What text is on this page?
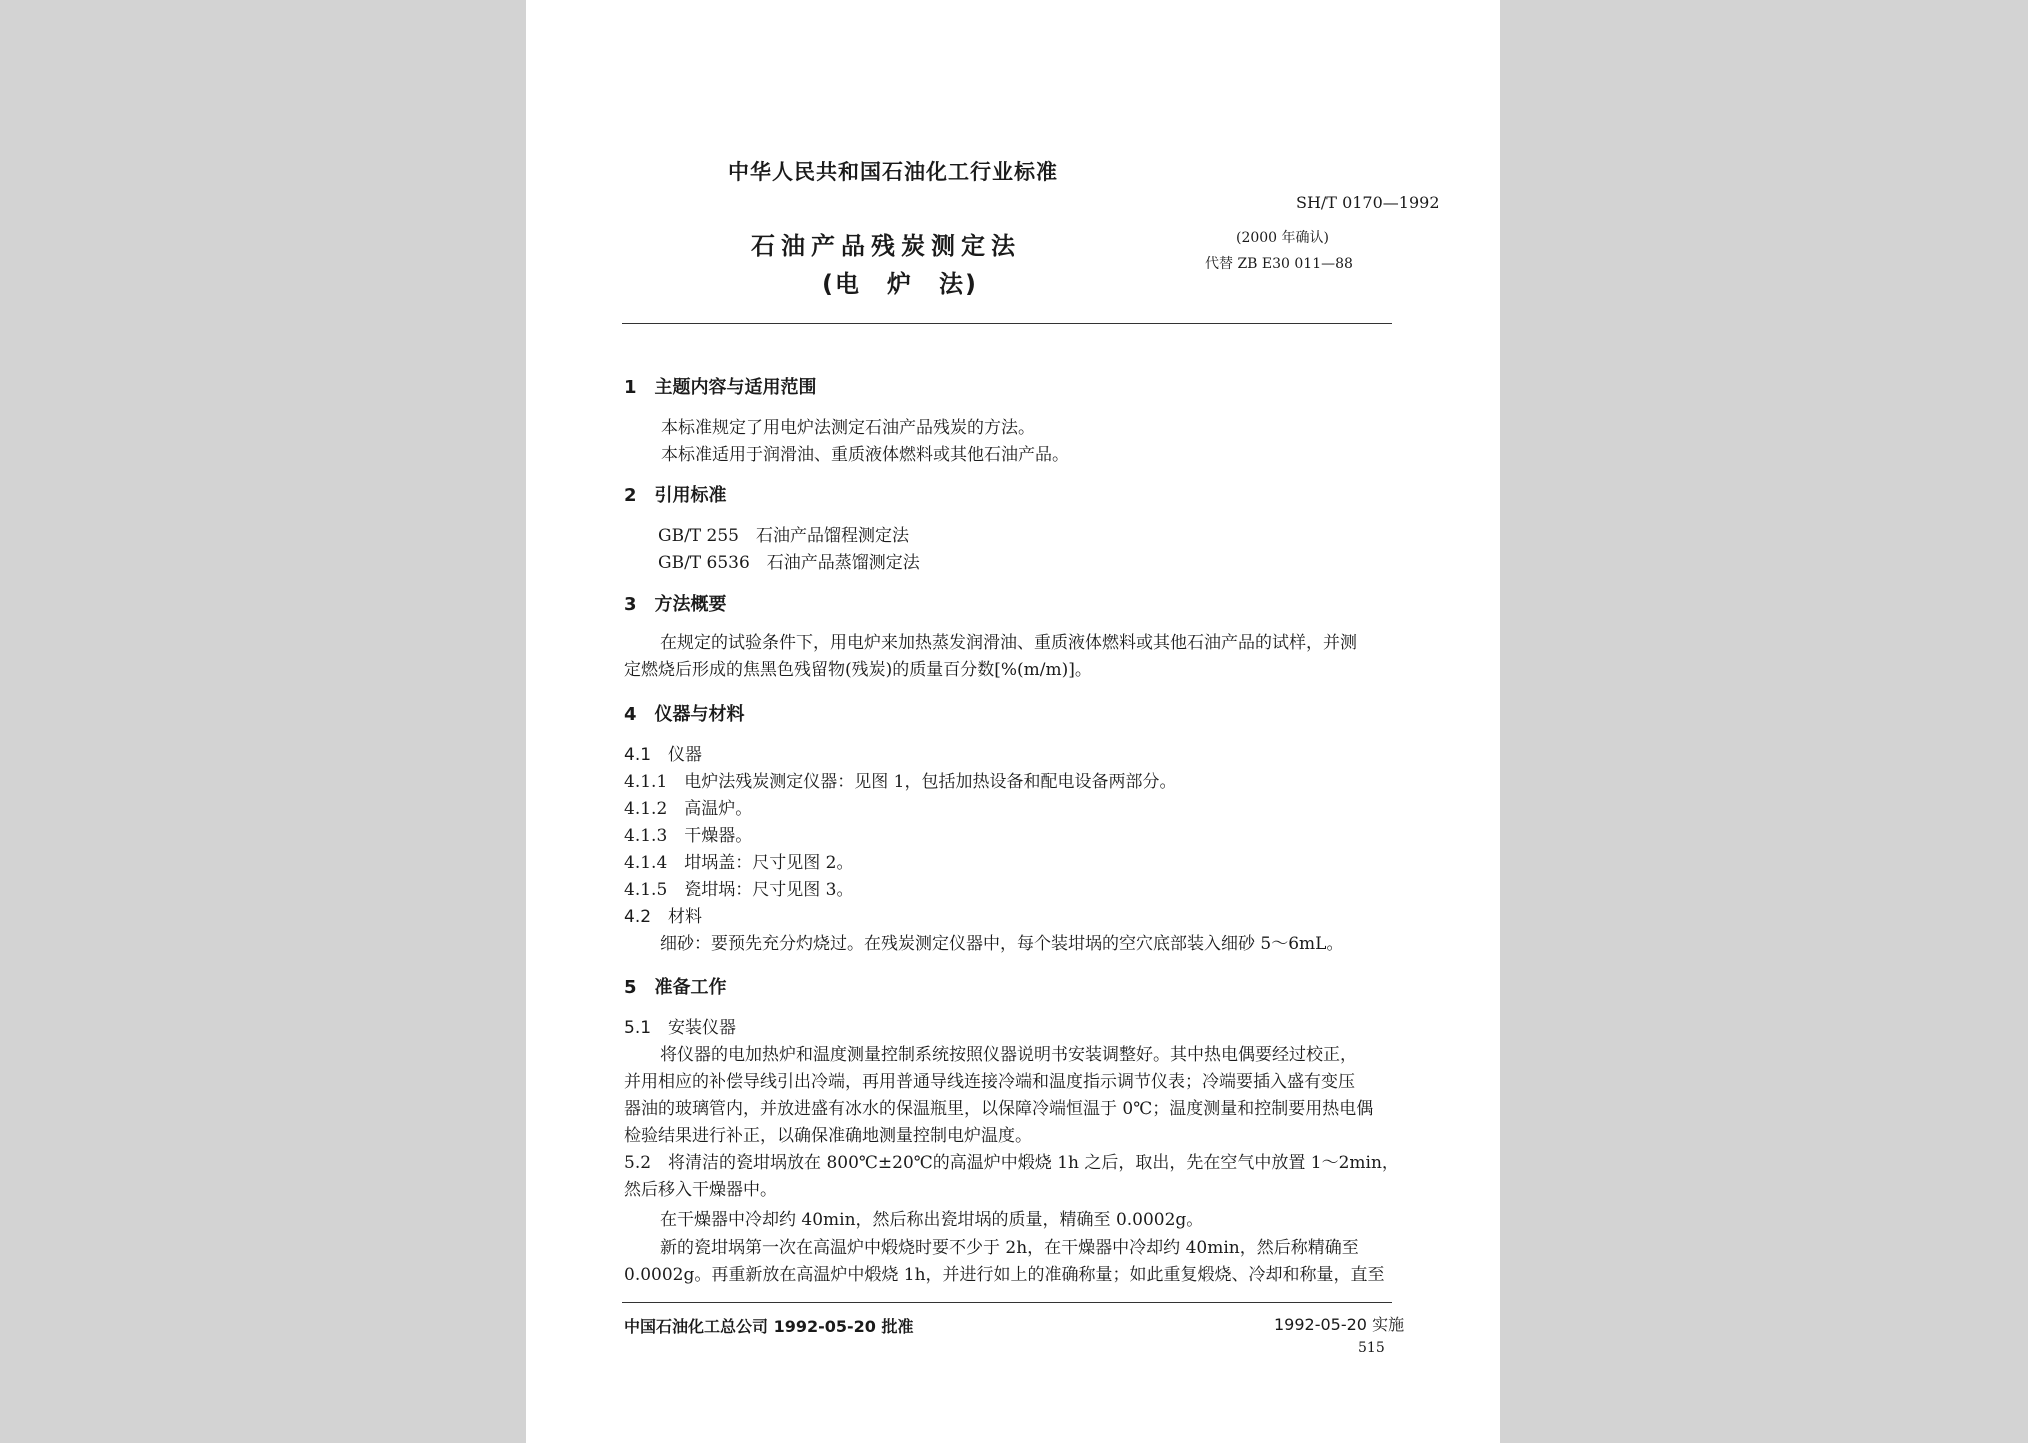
中华人民共和国石油化工行业标准
SH/T 0170—1992
(2000 年确认)
代替 ZB E30 011—88
石油产品残炭测定法
(电　炉　法)
1　主题内容与适用范围
本标准规定了用电炉法测定石油产品残炭的方法。
本标准适用于润滑油、重质液体燃料或其他石油产品。
2　引用标准
GB/T 255　石油产品馏程测定法
GB/T 6536　石油产品蒸馏测定法
3　方法概要
在规定的试验条件下，用电炉来加热蒸发润滑油、重质液体燃料或其他石油产品的试样，并测
定燃烧后形成的焦黑色残留物(残炭)的质量百分数[%(m/m)]。
4　仪器与材料
4.1　仪器
4.1.1　电炉法残炭测定仪器：见图 1，包括加热设备和配电设备两部分。
4.1.2　高温炉。
4.1.3　干燥器。
4.1.4　坩埚盖：尺寸见图 2。
4.1.5　瓷坩埚：尺寸见图 3。
4.2　材料
细砂：要预先充分灼烧过。在残炭测定仪器中，每个装坩埚的空穴底部装入细砂 5～6mL。
5　准备工作
5.1　安装仪器
将仪器的电加热炉和温度测量控制系统按照仪器说明书安装调整好。其中热电偶要经过校正，
并用相应的补偿导线引出冷端，再用普通导线连接冷端和温度指示调节仪表；冷端要插入盛有变压
器油的玻璃管内，并放进盛有冰水的保温瓶里，以保障冷端恒温于 0℃；温度测量和控制要用热电偶
检验结果进行补正，以确保准确地测量控制电炉温度。
5.2　将清洁的瓷坩埚放在 800℃±20℃的高温炉中煅烧 1h 之后，取出，先在空气中放置 1～2min，
然后移入干燥器中。
在干燥器中冷却约 40min，然后称出瓷坩埚的质量，精确至 0.0002g。
新的瓷坩埚第一次在高温炉中煅烧时要不少于 2h，在干燥器中冷却约 40min，然后称精确至
0.0002g。再重新放在高温炉中煅烧 1h，并进行如上的准确称量；如此重复煅烧、冷却和称量，直至
中国石油化工总公司 1992-05-20 批准	1992-05-20 实施
515
